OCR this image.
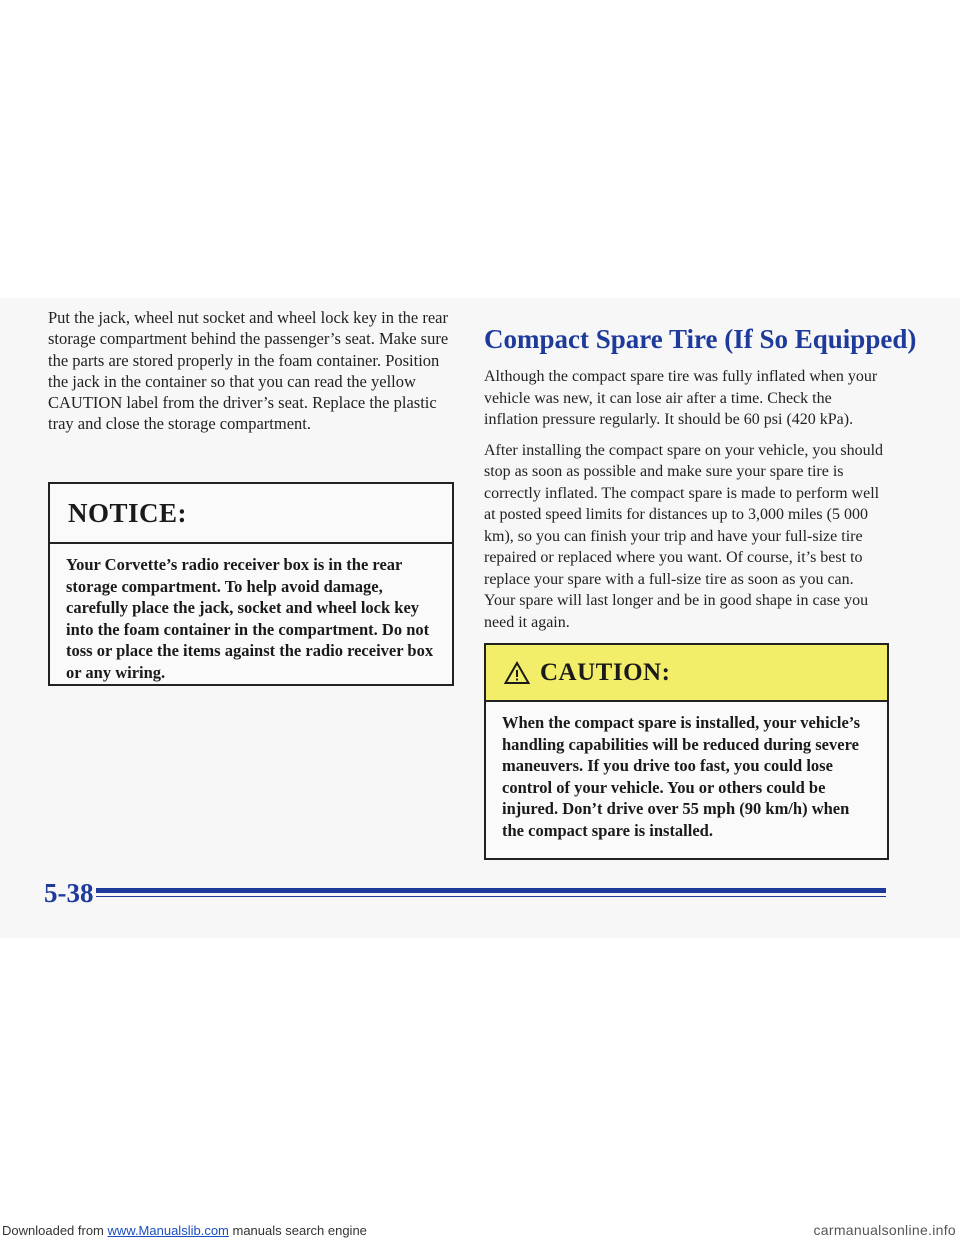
Put the jack, wheel nut socket and wheel lock key in the rear storage compartment behind the passenger’s seat. Make sure the parts are stored properly in the foam container. Position the jack in the container so that you can read the yellow CAUTION label from the driver’s seat. Replace the plastic tray and close the storage compartment.

NOTICE:
Your Corvette’s radio receiver box is in the rear storage compartment. To help avoid damage, carefully place the jack, socket and wheel lock key into the foam container in the compartment. Do not toss or place the items against the radio receiver box or any wiring.
Compact Spare Tire (If So Equipped)

Although the compact spare tire was fully inflated when your vehicle was new, it can lose air after a time. Check the inflation pressure regularly. It should be 60 psi (420 kPa).

After installing the compact spare on your vehicle, you should stop as soon as possible and make sure your spare tire is correctly inflated. The compact spare is made to perform well at posted speed limits for distances up to 3,000 miles (5 000 km), so you can finish your trip and have your full-size tire repaired or replaced where you want. Of course, it’s best to replace your spare with a full-size tire as soon as you can. Your spare will last longer and be in good shape in case you need it again.

CAUTION:
When the compact spare is installed, your vehicle’s handling capabilities will be reduced during severe maneuvers. If you drive too fast, you could lose control of your vehicle. You or others could be injured. Don’t drive over 55 mph (90 km/h) when the compact spare is installed.
5-38
Downloaded from www.Manualslib.com manuals search engine	carmanualsonline.info
